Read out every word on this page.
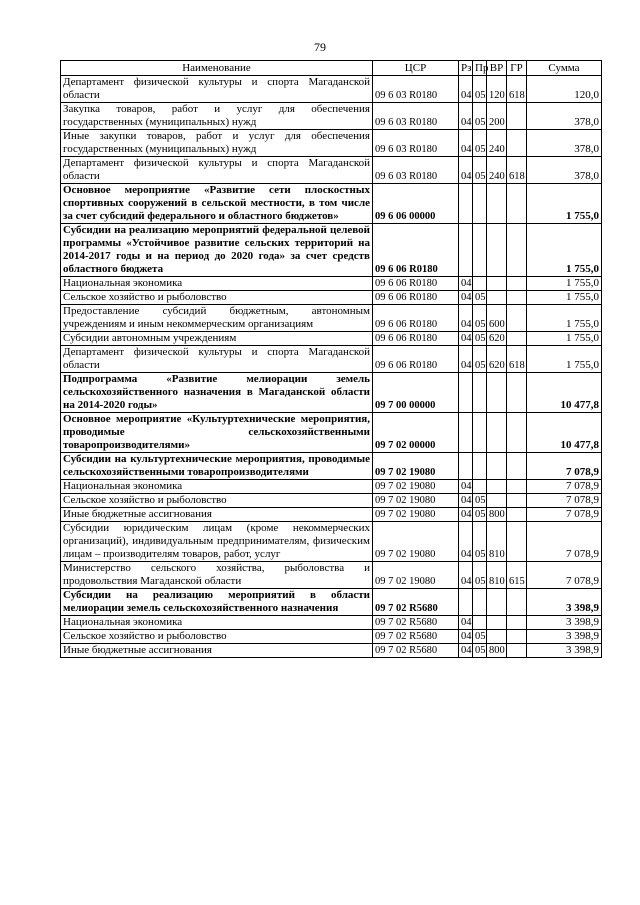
79
Наименование	ЦСР	Рз	Пр	ВР	ГР	Сумма
Департамент физической культуры и спорта Магаданской области	09 6 03 R0180	04	05	120	618	120,0
Закупка товаров, работ и услуг для обеспечения государственных (муниципальных) нужд	09 6 03 R0180	04	05	200		378,0
Иные закупки товаров, работ и услуг для обеспечения государственных (муниципальных) нужд	09 6 03 R0180	04	05	240		378,0
Департамент физической культуры и спорта Магаданской области	09 6 03 R0180	04	05	240	618	378,0
Основное мероприятие «Развитие сети плоскостных спортивных сооружений в сельской местности, в том числе за счет субсидий федерального и областного бюджетов»	09 6 06 00000					1 755,0
Субсидии на реализацию мероприятий федеральной целевой программы «Устойчивое развитие сельских территорий на 2014-2017 годы и на период до 2020 года» за счет средств областного бюджета	09 6 06 R0180					1 755,0
Национальная экономика	09 6 06 R0180	04				1 755,0
Сельское хозяйство и рыболовство	09 6 06 R0180	04	05			1 755,0
Предоставление субсидий бюджетным, автономным учреждениям и иным некоммерческим организациям	09 6 06 R0180	04	05	600		1 755,0
Субсидии автономным учреждениям	09 6 06 R0180	04	05	620		1 755,0
Департамент физической культуры и спорта Магаданской области	09 6 06 R0180	04	05	620	618	1 755,0
Подпрограмма «Развитие мелиорации земель сельскохозяйственного назначения в Магаданской области на 2014-2020 годы»	09 7 00 00000					10 477,8
Основное мероприятие «Культуртехнические мероприятия, проводимые сельскохозяйственными товаропроизводителями»	09 7 02 00000					10 477,8
Субсидии на культуртехнические мероприятия, проводимые сельскохозяйственными товаропроизводителями	09 7 02 19080					7 078,9
Национальная экономика	09 7 02 19080	04				7 078,9
Сельское хозяйство и рыболовство	09 7 02 19080	04	05			7 078,9
Иные бюджетные ассигнования	09 7 02 19080	04	05	800		7 078,9
Субсидии юридическим лицам (кроме некоммерческих организаций), индивидуальным предпринимателям, физическим лицам – производителям товаров, работ, услуг	09 7 02 19080	04	05	810		7 078,9
Министерство сельского хозяйства, рыболовства и продовольствия Магаданской области	09 7 02 19080	04	05	810	615	7 078,9
Субсидии на реализацию мероприятий в области мелиорации земель сельскохозяйственного назначения	09 7 02 R5680					3 398,9
Национальная экономика	09 7 02 R5680	04				3 398,9
Сельское хозяйство и рыболовство	09 7 02 R5680	04	05			3 398,9
Иные бюджетные ассигнования	09 7 02 R5680	04	05	800		3 398,9
